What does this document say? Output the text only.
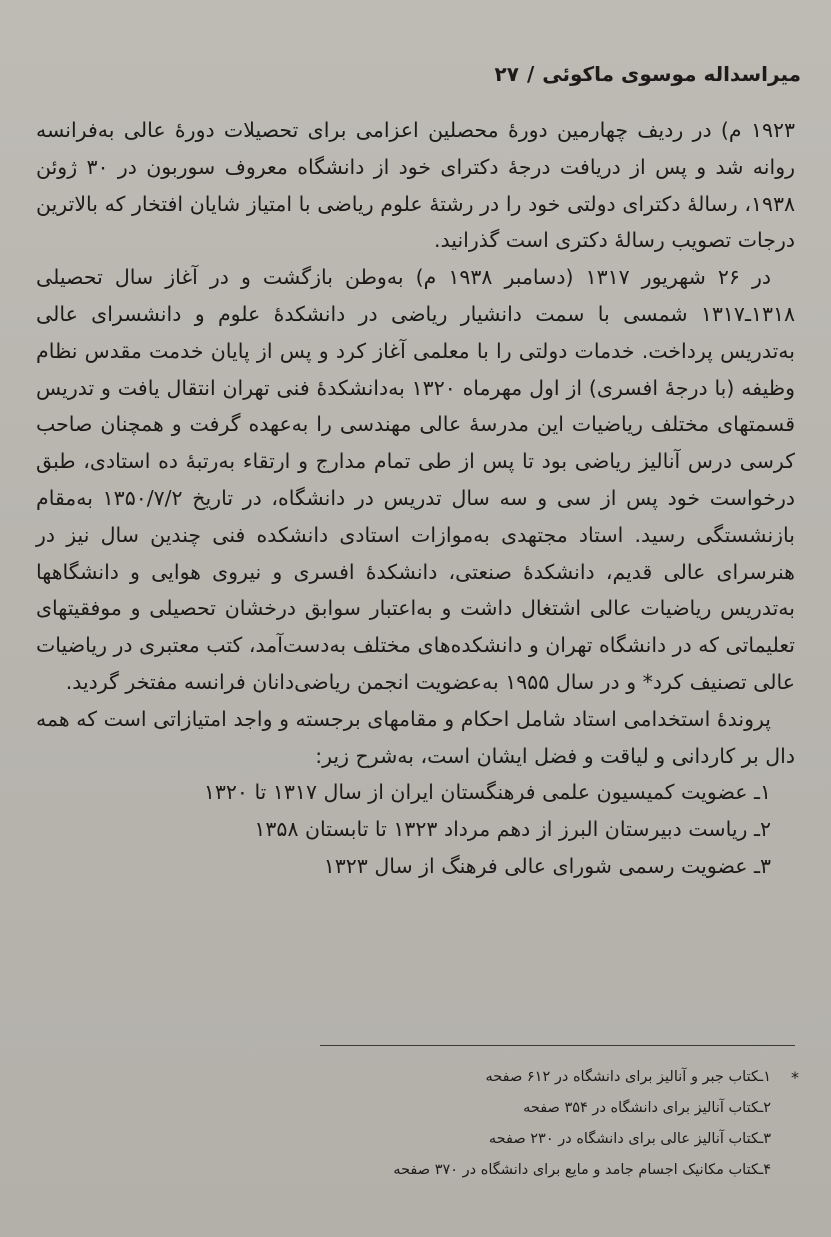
میراسداله موسوی ماکوئی/۲۷

۱۹۲۳ م) در ردیف چهارمین دورهٔ محصلین اعزامی برای تحصیلات دورهٔ عالی به‌فرانسه روانه شد و پس از دریافت درجهٔ دکترای خود از دانشگاه معروف سوربون در ۳۰ ژوئن ۱۹۳۸، رسالهٔ دکترای دولتی خود را در رشتهٔ علوم ریاضی با امتیاز شایان افتخار که بالاترین درجات تصویب رسالهٔ دکتری است گذرانید.

در ۲۶ شهریور ۱۳۱۷ (دسامبر ۱۹۳۸ م) به‌وطن بازگشت و در آغاز سال تحصیلی ۱۳۱۸ـ۱۳۱۷ شمسی با سمت دانشیار ریاضی در دانشکدهٔ علوم و دانشسرای عالی به‌تدریس پرداخت. خدمات دولتی را با معلمی آغاز کرد و پس از پایان خدمت مقدس نظام وظیفه (با درجهٔ افسری) از اول مهرماه ۱۳۲۰ به‌دانشکدهٔ فنی تهران انتقال یافت و تدریس قسمتهای مختلف ریاضیات این مدرسهٔ عالی مهندسی را به‌عهده گرفت و همچنان صاحب کرسی درس آنالیز ریاضی بود تا پس از طی تمام مدارج و ارتقاء به‌رتبهٔ ده استادی، طبق درخواست خود پس از سی و سه سال تدریس در دانشگاه، در تاریخ ۱۳۵۰/۷/۲ به‌مقام بازنشستگی رسید. استاد مجتهدی به‌موازات استادی دانشکده فنی چندین سال نیز در هنرسرای عالی قدیم، دانشکدهٔ صنعتی، دانشکدهٔ افسری و نیروی هوایی و دانشگاهها به‌تدریس ریاضیات عالی اشتغال داشت و به‌اعتبار سوابق درخشان تحصیلی و موفقیتهای تعلیماتی که در دانشگاه تهران و دانشکده‌های مختلف به‌دست‌آمد، کتب معتبری در ریاضیات عالی تصنیف کرد* و در سال ۱۹۵۵ به‌عضویت انجمن ریاضی‌دانان فرانسه مفتخر گردید.

پروندهٔ استخدامی استاد شامل احکام و مقامهای برجسته و واجد امتیازاتی است که همه دال بر کاردانی و لیاقت و فضل ایشان است، به‌شرح زیر:

۱ـ عضویت کمیسیون علمی فرهنگستان ایران از سال ۱۳۱۷ تا ۱۳۲۰
۲ـ ریاست دبیرستان البرز از دهم مرداد ۱۳۲۳ تا تابستان ۱۳۵۸
۳ـ عضویت رسمی شورای عالی فرهنگ از سال ۱۳۲۳
*
۱ـکتاب جبر و آنالیز برای دانشگاه در ۶۱۲ صفحه
۲ـکتاب آنالیز برای دانشگاه در ۳۵۴ صفحه
۳ـکتاب آنالیز عالی برای دانشگاه در ۲۳۰ صفحه
۴ـکتاب مکانیک اجسام جامد و مایع برای دانشگاه در ۳۷۰ صفحه
